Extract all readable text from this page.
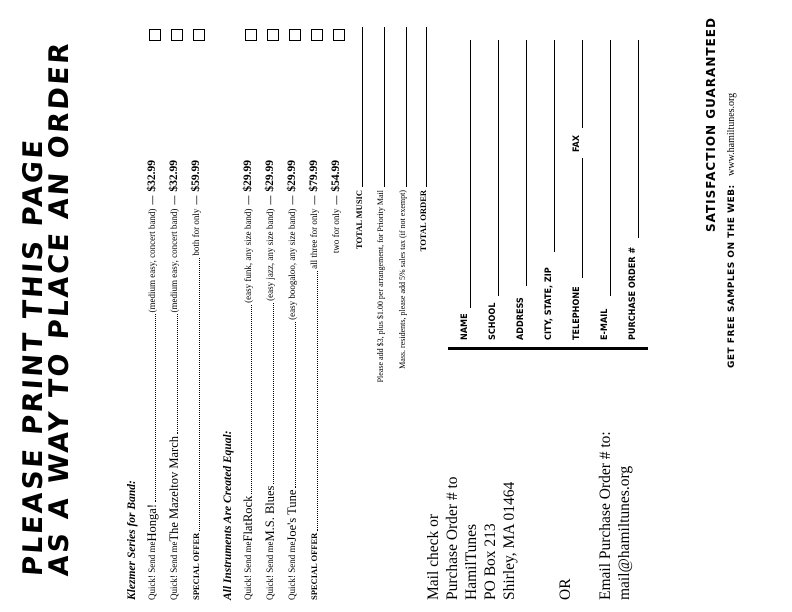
PLEASE PRINT THIS PAGE
AS A WAY TO PLACE AN ORDER	Klezmer Series for Band: Quick! Send me
Honga!
(medium easy, concert band)
—
$32.99
Quick! Send me
The Mazeltov March
(medium easy, concert band)
—
$32.99
SPECIAL OFFER
both for only
—
$59.99
All Instruments Are Created Equal: Quick! Send me
FlatRock
(easy funk, any size band)
—
$29.99
Quick! Send me
M.S. Blues
(easy jazz, any size band)
—
$29.99
Quick! Send me
Joe's Tune
(easy boogaloo, any size band)
—
$29.99
SPECIAL OFFER
all three for only
—
$79.99
two for only
—
$54.99
TOTAL MUSIC Please add $3, plus $1.00 per arrangement, for Priority Mail Mass. residents, please add 5% sales tax (if not exempt) TOTAL ORDER
NAME SCHOOL ADDRESS CITY, STATE, ZIP TELEPHONE
FAX
E-MAIL PURCHASE ORDER #
Mail check or Purchase Order # to HamilTunes PO Box 213 Shirley, MA 01464	OR Email Purchase Order # to: mail@hamiltunes.org
SATISFACTION GUARANTEED
GET FREE SAMPLES ON THE WEB: www.hamiltunes.org
